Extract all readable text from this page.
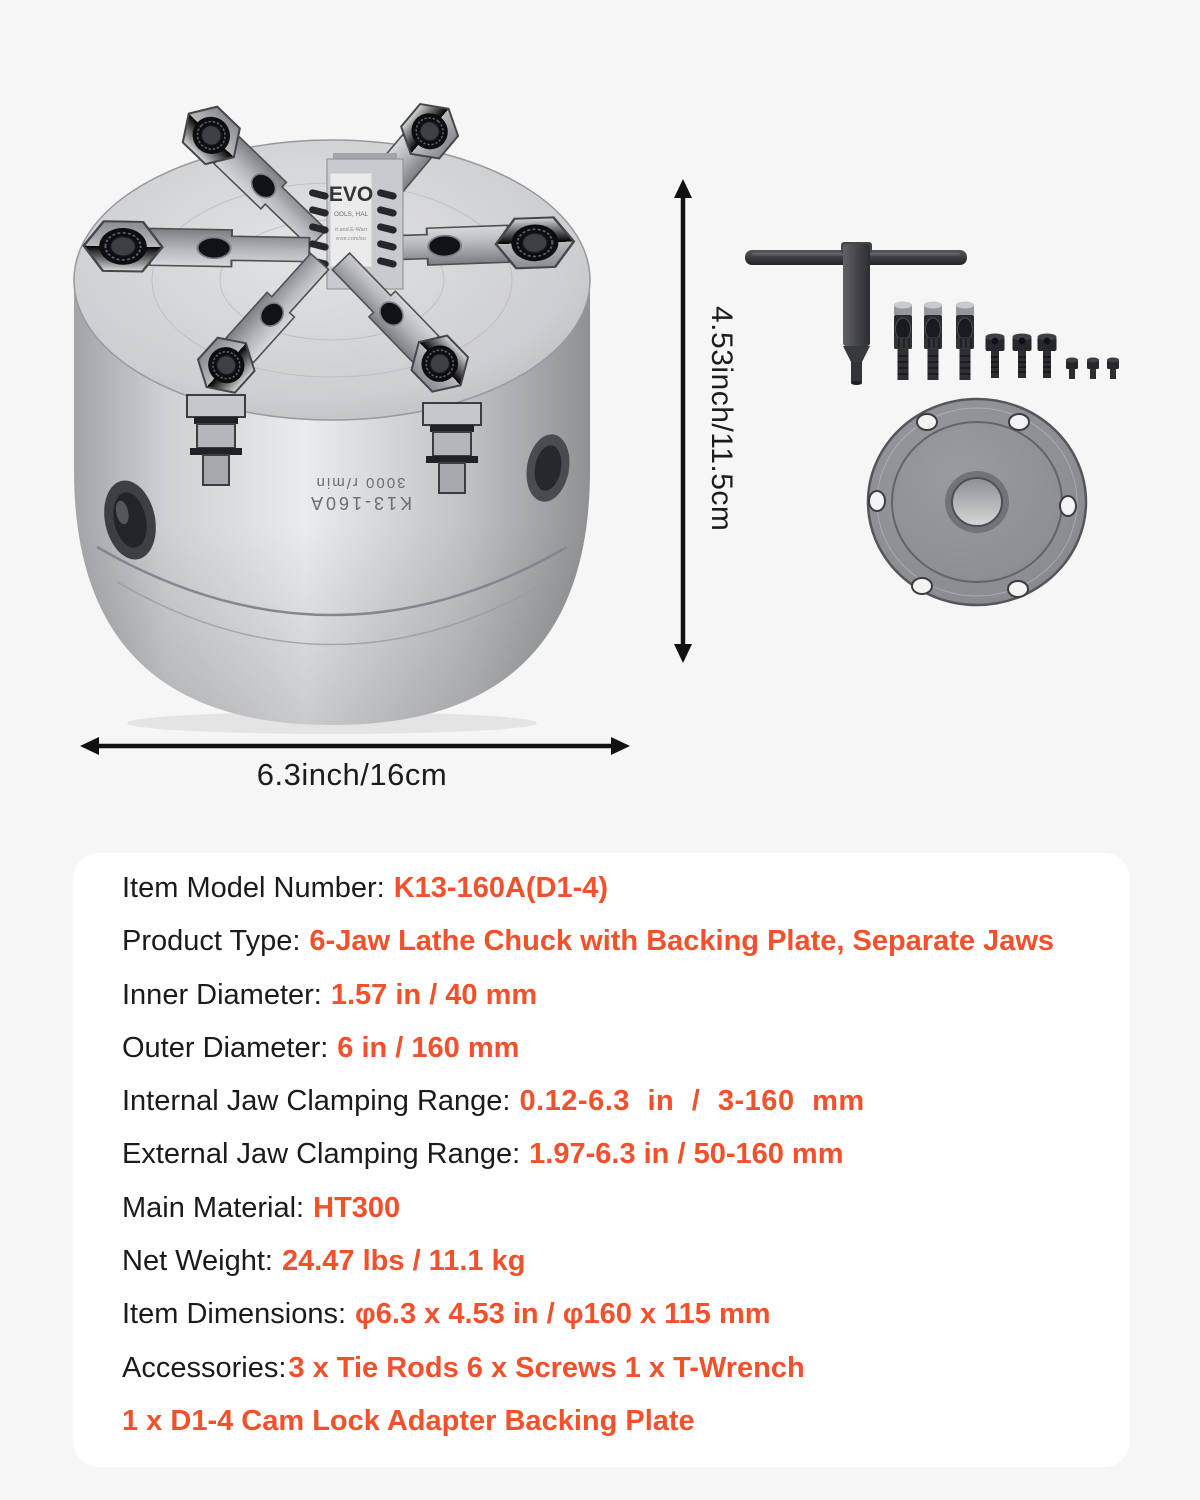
3000 r/min
K13-160A
EVO
OOLS, HAL
rt and E-Warr
evor.com/su
4.53inch/11.5cm
6.3inch/16cm
Item Model Number: K13-160A(D1-4)
Product Type: 6-Jaw Lathe Chuck with Backing Plate, Separate Jaws
Inner Diameter: 1.57 in / 40 mm
Outer Diameter: 6 in / 160 mm
Internal Jaw Clamping Range: 0.12-6.3 in / 3-160 mm
External Jaw Clamping Range: 1.97-6.3 in / 50-160 mm
Main Material: HT300
Net Weight: 24.47 lbs / 11.1 kg
Item Dimensions: φ6.3 x 4.53 in / φ160 x 115 mm
Accessories:3 x Tie Rods 6 x Screws 1 x T-Wrench
1 x D1-4 Cam Lock Adapter Backing Plate
